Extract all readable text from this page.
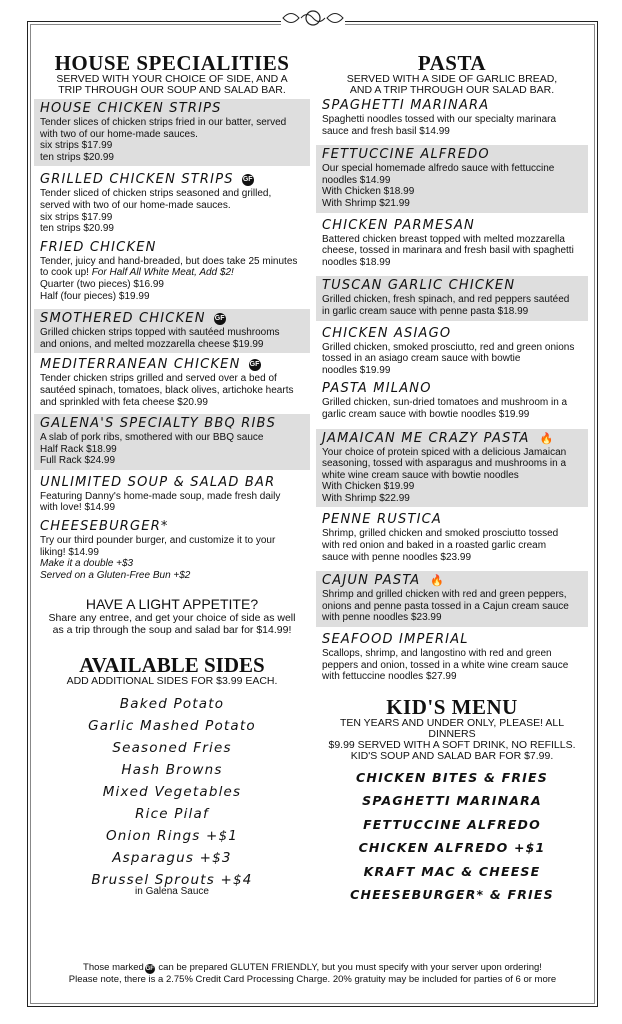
HOUSE SPECIALITIES

SERVED WITH YOUR CHOICE OF SIDE, AND A

TRIP THROUGH OUR SOUP AND SALAD BAR.

HOUSE CHICKEN STRIPS

Tender slices of chicken strips fried in our batter, served

with two of our home-made sauces.

six strips $17.99

ten strips $20.99

GRILLED CHICKEN STRIPS GF

Tender sliced of chicken strips seasoned and grilled,

served with two of our home-made sauces.

six strips $17.99

ten strips $20.99

FRIED CHICKEN

Tender, juicy and hand-breaded, but does take 25 minutes

to cook up! For Half All White Meat, Add $2!

Quarter (two pieces) $16.99

Half (four pieces) $19.99

SMOTHERED CHICKEN GF

Grilled chicken strips topped with sautéed mushrooms

and onions, and melted mozzarella cheese $19.99

MEDITERRANEAN CHICKEN GF

Tender chicken strips grilled and served over a bed of

sautéed spinach, tomatoes, black olives, artichoke hearts

and sprinkled with feta cheese $20.99

GALENA'S SPECIALTY BBQ RIBS

A slab of pork ribs, smothered with our BBQ sauce

Half Rack $18.99

Full Rack $24.99

UNLIMITED SOUP & SALAD BAR

Featuring Danny's home-made soup, made fresh daily

with love! $14.99

CHEESEBURGER*

Try our third pounder burger, and customize it to your

liking! $14.99

Make it a double +$3

Served on a Gluten-Free Bun +$2

HAVE A LIGHT APPETITE?

Share any entree, and get your choice of side as well

as a trip through the soup and salad bar for $14.99!

AVAILABLE SIDES

ADD ADDITIONAL SIDES FOR $3.99 EACH.

Baked Potato

Garlic Mashed Potato

Seasoned Fries

Hash Browns

Mixed Vegetables

Rice Pilaf

Onion Rings +$1

Asparagus +$3

Brussel Sprouts +$4

in Galena Sauce

PASTA

SERVED WITH A SIDE OF GARLIC BREAD,

AND A TRIP THROUGH OUR SALAD BAR.

SPAGHETTI MARINARA

Spaghetti noodles tossed with our specialty marinara

sauce and fresh basil $14.99

FETTUCCINE ALFREDO

Our special homemade alfredo sauce with fettuccine

noodles $14.99

With Chicken $18.99

With Shrimp $21.99

CHICKEN PARMESAN

Battered chicken breast topped with melted mozzarella

cheese, tossed in marinara and fresh basil with spaghetti

noodles $18.99

TUSCAN GARLIC CHICKEN

Grilled chicken, fresh spinach, and red peppers sautéed

in garlic cream sauce with penne pasta $18.99

CHICKEN ASIAGO

Grilled chicken, smoked prosciutto, red and green onions

tossed in an asiago cream sauce with bowtie

noodles $19.99

PASTA MILANO

Grilled chicken, sun-dried tomatoes and mushroom in a

garlic cream sauce with bowtie noodles $19.99

JAMAICAN ME CRAZY PASTA 🔥

Your choice of protein spiced with a delicious Jamaican

seasoning, tossed with asparagus and mushrooms in a

white wine cream sauce with bowtie noodles

With Chicken $19.99

With Shrimp $22.99

PENNE RUSTICA

Shrimp, grilled chicken and smoked prosciutto tossed

with red onion and baked in a roasted garlic cream

sauce with penne noodles $23.99

CAJUN PASTA 🔥

Shrimp and grilled chicken with red and green peppers,

onions and penne pasta tossed in a Cajun cream sauce

with penne noodles $23.99

SEAFOOD IMPERIAL

Scallops, shrimp, and langostino with red and green

peppers and onion, tossed in a white wine cream sauce

with fettuccine noodles $27.99

KID'S MENU

TEN YEARS AND UNDER ONLY, PLEASE! ALL DINNERS

$9.99 SERVED WITH A SOFT DRINK, NO REFILLS.

KID'S SOUP AND SALAD BAR FOR $7.99.

CHICKEN BITES & FRIES

SPAGHETTI MARINARA

FETTUCCINE ALFREDO

CHICKEN ALFREDO +$1

KRAFT MAC & CHEESE

CHEESEBURGER* & FRIES

Those marked GF can be prepared GLUTEN FRIENDLY, but you must specify with your server upon ordering!
Please note, there is a 2.75% Credit Card Processing Charge. 20% gratuity may be included for parties of 6 or more
